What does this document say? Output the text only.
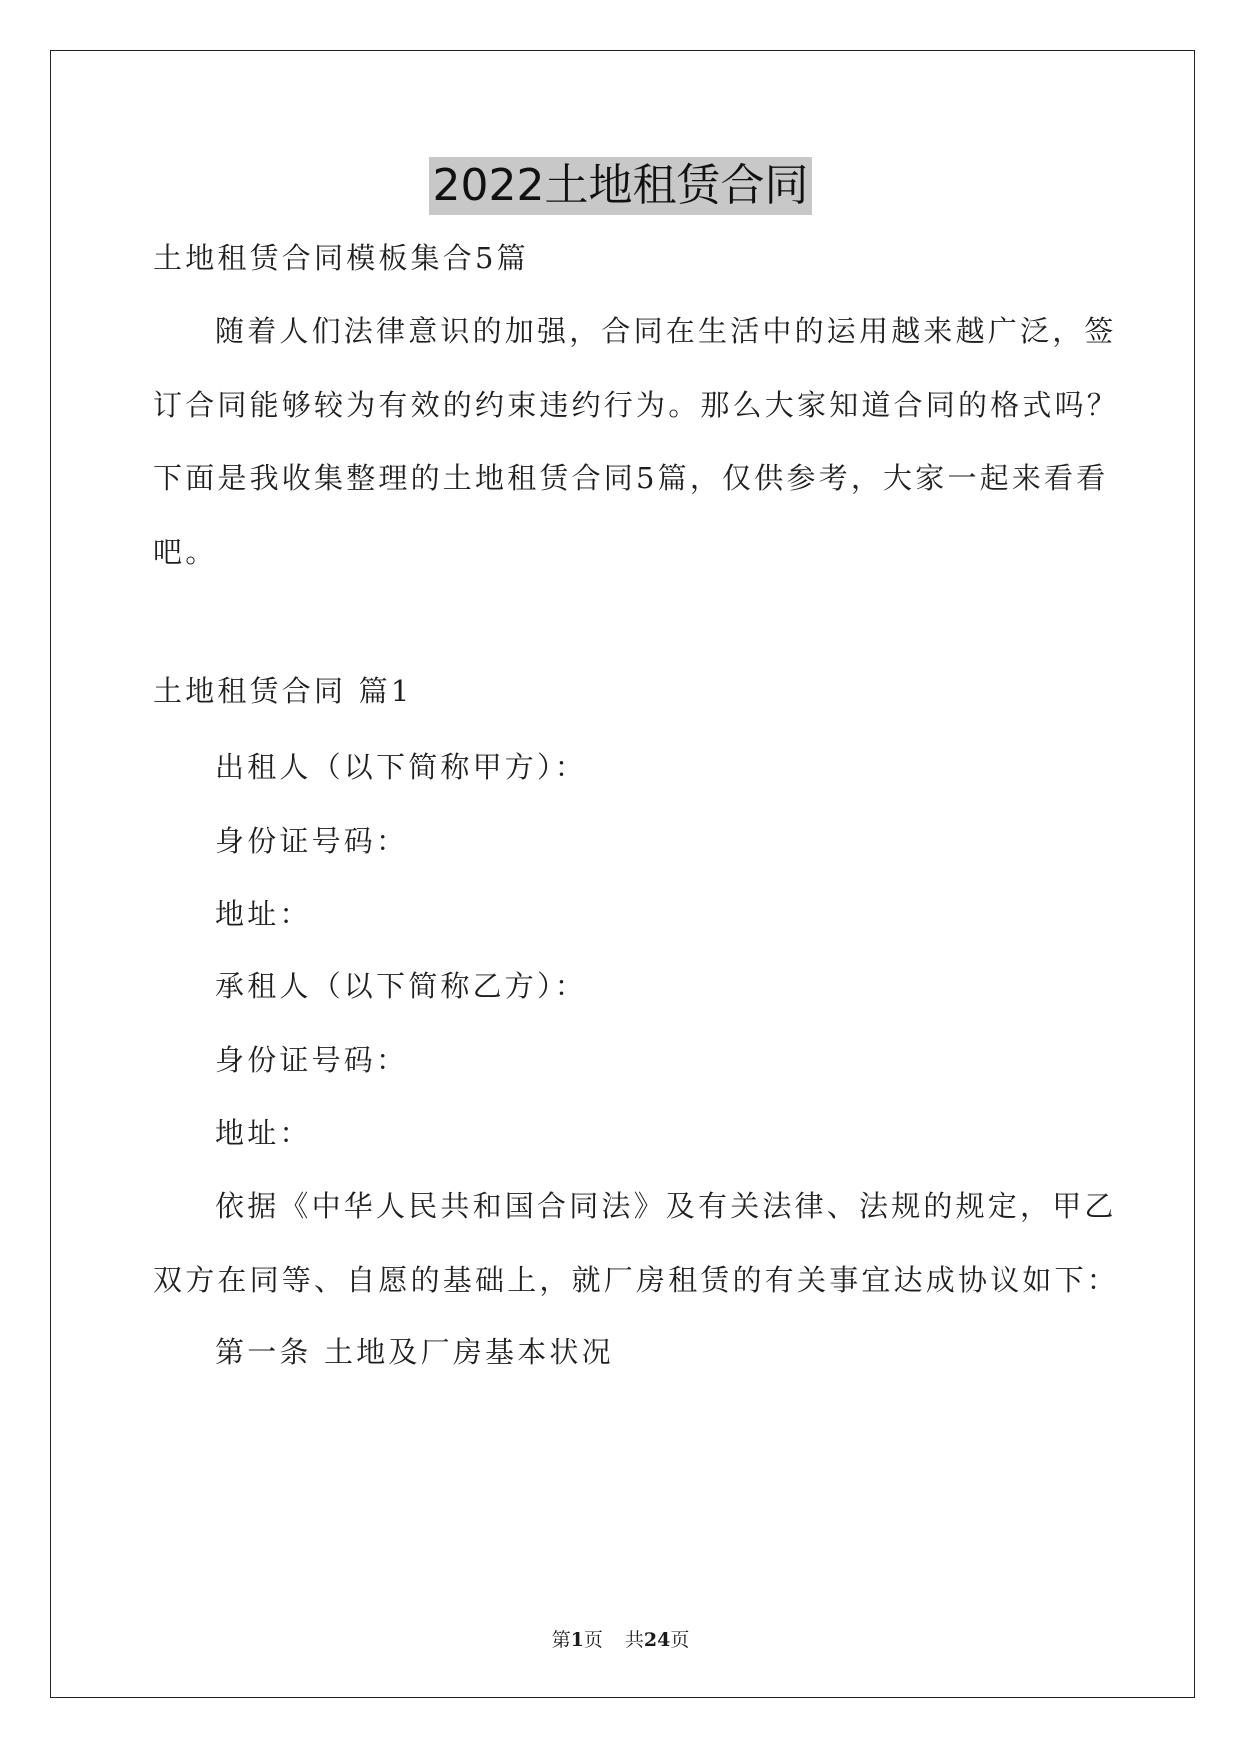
2022土地租赁合同
土地租赁合同模板集合5篇
随着人们法律意识的加强，合同在生活中的运用越来越广泛，签
订合同能够较为有效的约束违约行为。那么大家知道合同的格式吗？
下面是我收集整理的土地租赁合同5篇，仅供参考，大家一起来看看
吧。
土地租赁合同 篇1
出租人（以下简称甲方）：
身份证号码：
地址：
承租人（以下简称乙方）：
身份证号码：
地址：
依据《中华人民共和国合同法》及有关法律、法规的规定，甲乙
双方在同等、自愿的基础上，就厂房租赁的有关事宜达成协议如下：
第一条 土地及厂房基本状况
第1页 共24页
